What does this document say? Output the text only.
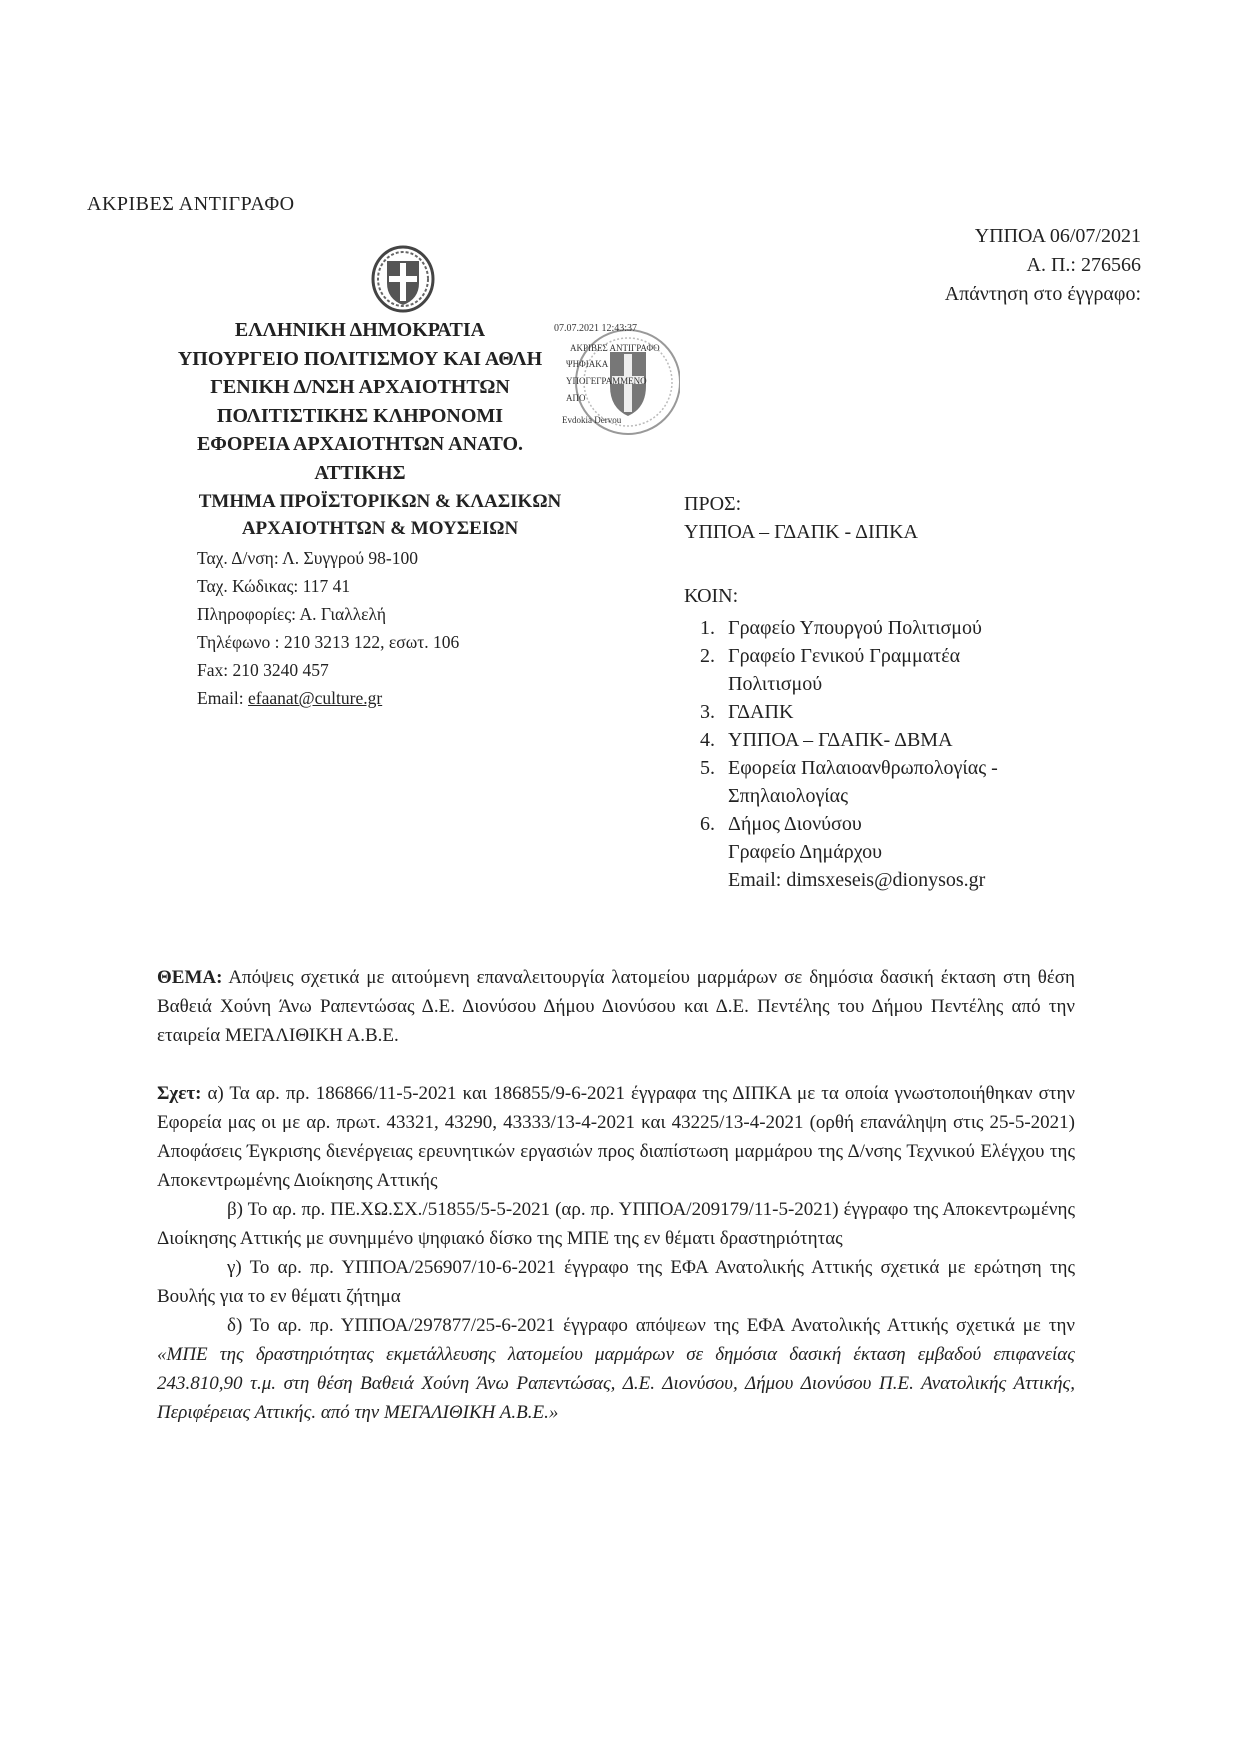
ΑΚΡΙΒΕΣ ΑΝΤΙΓΡΑΦΟ
ΥΠΠΟΑ 06/07/2021
Α. Π.: 276566
Απάντηση στο έγγραφο:
ΕΛΛΗΝΙΚΗ ΔΗΜΟΚΡΑΤΙΑ
ΥΠΟΥΡΓΕΙΟ ΠΟΛΙΤΙΣΜΟΥ ΚΑΙ ΑΘΛΗ
ΓΕΝΙΚΗ Δ/ΝΣΗ ΑΡΧΑΙΟΤΗΤΩΝ
ΠΟΛΙΤΙΣΤΙΚΗΣ ΚΛΗΡΟΝΟΜΙ
ΕΦΟΡΕΙΑ ΑΡΧΑΙΟΤΗΤΩΝ ΑΝΑΤΟ.
ΑΤΤΙΚΗΣ
ΤΜΗΜΑ ΠΡΟΪΣΤΟΡΙΚΩΝ & ΚΛΑΣΙΚΩΝ
ΑΡΧΑΙΟΤΗΤΩΝ & ΜΟΥΣΕΙΩΝ
Ταχ. Δ/νση: Λ. Συγγρού 98-100
Ταχ. Κώδικας: 117 41
Πληροφορίες: Α. Γιαλλελή
Τηλέφωνο : 210 3213 122, εσωτ. 106
Fax: 210 3240 457
Email: efaanat@culture.gr
07.07.2021 12:43:37
ΑΚΡΙΒΕΣ ΑΝΤΙΓΡΑΦΟ
ΨΗΦΙΑΚΑ
ΥΠΟΓΕΓΡΑΜΜΕΝΟ
ΑΠΟ
Evdokia Dervou
ΠΡΟΣ:
ΥΠΠΟΑ – ΓΔΑΠΚ - ΔΙΠΚΑ
ΚΟΙΝ:
1. Γραφείο Υπουργού Πολιτισμού
2. Γραφείο Γενικού Γραμματέα
Πολιτισμού
3. ΓΔΑΠΚ
4. ΥΠΠΟΑ – ΓΔΑΠΚ- ΔΒΜΑ
5. Εφορεία Παλαιοανθρωπολογίας -
Σπηλαιολογίας
6. Δήμος Διονύσου
Γραφείο Δημάρχου
Email: dimsxeseis@dionysos.gr
ΘΕΜΑ: Απόψεις σχετικά με αιτούμενη επαναλειτουργία λατομείου μαρμάρων σε δημόσια δασική έκταση στη θέση Βαθειά Χούνη Άνω Ραπεντώσας Δ.Ε. Διονύσου Δήμου Διονύσου και Δ.Ε. Πεντέλης του Δήμου Πεντέλης από την εταιρεία ΜΕΓΑΛΙΘΙΚΗ Α.Β.Ε.

Σχετ: α) Τα αρ. πρ. 186866/11-5-2021 και 186855/9-6-2021 έγγραφα της ΔΙΠΚΑ με τα οποία γνωστοποιήθηκαν στην Εφορεία μας οι με αρ. πρωτ. 43321, 43290, 43333/13-4-2021 και 43225/13-4-2021 (ορθή επανάληψη στις 25-5-2021) Αποφάσεις Έγκρισης διενέργειας ερευνητικών εργασιών προς διαπίστωση μαρμάρου της Δ/νσης Τεχνικού Ελέγχου της Αποκεντρωμένης Διοίκησης Αττικής

β) Το αρ. πρ. ΠΕ.ΧΩ.ΣΧ./51855/5-5-2021 (αρ. πρ. ΥΠΠΟΑ/209179/11-5-2021) έγγραφο της Αποκεντρωμένης Διοίκησης Αττικής με συνημμένο ψηφιακό δίσκο της ΜΠΕ της εν θέματι δραστηριότητας

γ) Το αρ. πρ. ΥΠΠΟΑ/256907/10-6-2021 έγγραφο της ΕΦΑ Ανατολικής Αττικής σχετικά με ερώτηση της Βουλής για το εν θέματι ζήτημα

δ) Το αρ. πρ. ΥΠΠΟΑ/297877/25-6-2021 έγγραφο απόψεων της ΕΦΑ Ανατολικής Αττικής σχετικά με την «ΜΠΕ της δραστηριότητας εκμετάλλευσης λατομείου μαρμάρων σε δημόσια δασική έκταση εμβαδού επιφανείας 243.810,90 τ.μ. στη θέση Βαθειά Χούνη Άνω Ραπεντώσας, Δ.Ε. Διονύσου, Δήμου Διονύσου Π.Ε. Ανατολικής Αττικής, Περιφέρειας Αττικής. από την ΜΕΓΑΛΙΘΙΚΗ Α.Β.Ε.»
